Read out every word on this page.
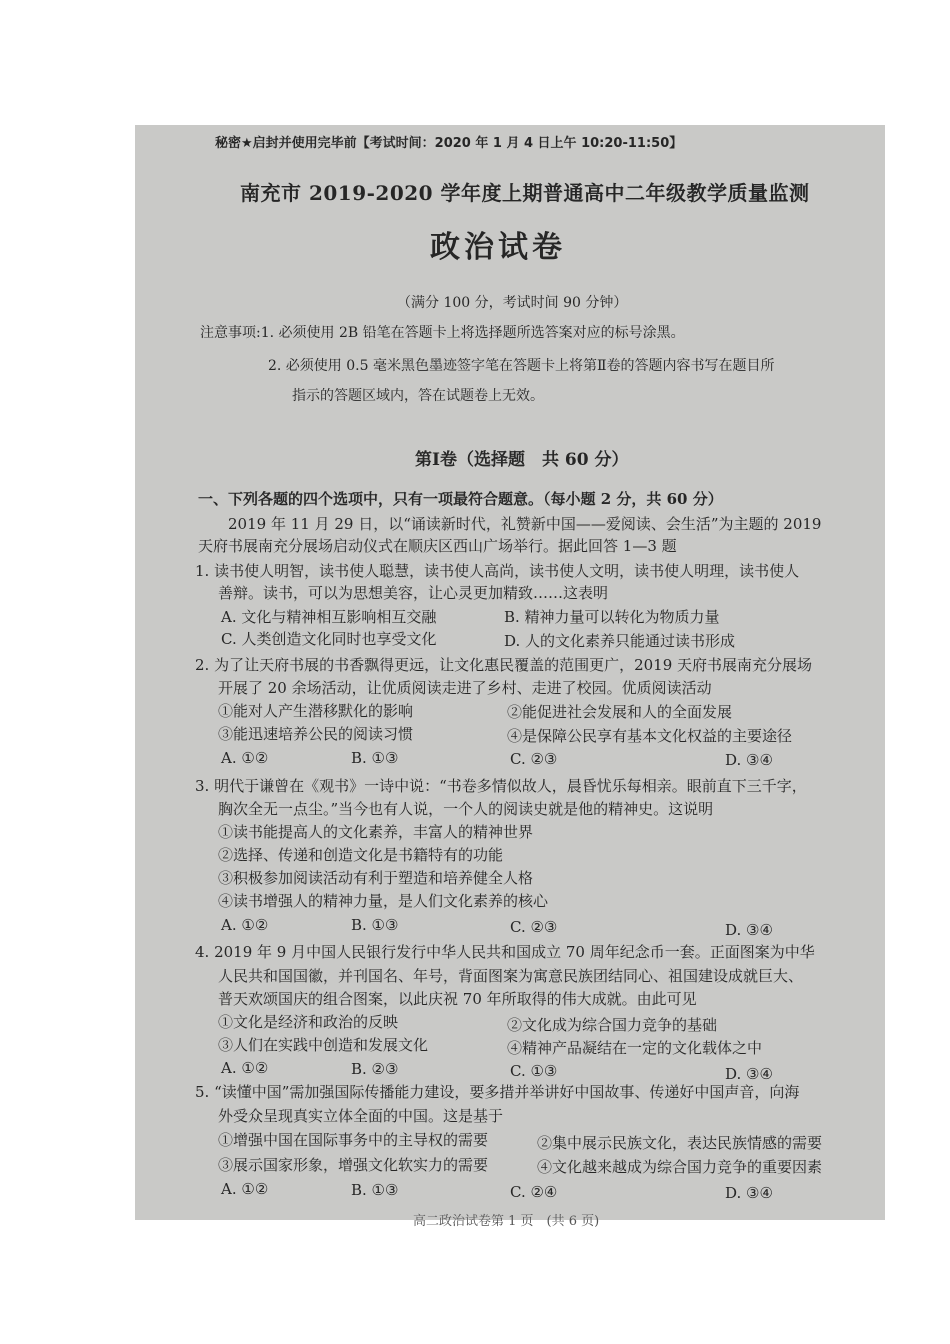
秘密★启封并使用完毕前【考试时间：2020 年 1 月 4 日上午 10:20-11:50】
南充市 2019-2020 学年度上期普通高中二年级教学质量监测
政治试卷
（满分 100 分，考试时间 90 分钟）
注意事项:1. 必须使用 2B 铅笔在答题卡上将选择题所选答案对应的标号涂黑。
2. 必须使用 0.5 毫米黑色墨迹签字笔在答题卡上将第Ⅱ卷的答题内容书写在题目所
指示的答题区域内，答在试题卷上无效。
第Ⅰ卷（选择题　共 60 分）
一、下列各题的四个选项中，只有一项最符合题意。（每小题 2 分，共 60 分）
2019 年 11 月 29 日，以“诵读新时代，礼赞新中国——爱阅读、会生活”为主题的 2019
天府书展南充分展场启动仪式在顺庆区西山广场举行。据此回答 1—3 题
1. 读书使人明智，读书使人聪慧，读书使人高尚，读书使人文明，读书使人明理，读书使人
善辩。读书，可以为思想美容，让心灵更加精致……这表明
A. 文化与精神相互影响相互交融	B. 精神力量可以转化为物质力量
C. 人类创造文化同时也享受文化	D. 人的文化素养只能通过读书形成
2. 为了让天府书展的书香飘得更远，让文化惠民覆盖的范围更广，2019 天府书展南充分展场
开展了 20 余场活动，让优质阅读走进了乡村、走进了校园。优质阅读活动
①能对人产生潜移默化的影响	②能促进社会发展和人的全面发展
③能迅速培养公民的阅读习惯	④是保障公民享有基本文化权益的主要途径
A. ①②	B. ①③	C. ②③	D. ③④
3. 明代于谦曾在《观书》一诗中说：“书卷多情似故人，晨昏忧乐每相亲。眼前直下三千字，
胸次全无一点尘。”当今也有人说，一个人的阅读史就是他的精神史。这说明
①读书能提高人的文化素养，丰富人的精神世界
②选择、传递和创造文化是书籍特有的功能
③积极参加阅读活动有利于塑造和培养健全人格
④读书增强人的精神力量，是人们文化素养的核心
A. ①②	B. ①③	C. ②③	D. ③④
4. 2019 年 9 月中国人民银行发行中华人民共和国成立 70 周年纪念币一套。正面图案为中华
人民共和国国徽，并刊国名、年号，背面图案为寓意民族团结同心、祖国建设成就巨大、
普天欢颂国庆的组合图案，以此庆祝 70 年所取得的伟大成就。由此可见
①文化是经济和政治的反映	②文化成为综合国力竞争的基础
③人们在实践中创造和发展文化	④精神产品凝结在一定的文化载体之中
A. ①②	B. ②③	C. ①③	D. ③④
5. “读懂中国”需加强国际传播能力建设，要多措并举讲好中国故事、传递好中国声音，向海
外受众呈现真实立体全面的中国。这是基于
①增强中国在国际事务中的主导权的需要	②集中展示民族文化，表达民族情感的需要
③展示国家形象，增强文化软实力的需要	④文化越来越成为综合国力竞争的重要因素
A. ①②	B. ①③	C. ②④	D. ③④
高二政治试卷第 1 页　(共 6 页)
